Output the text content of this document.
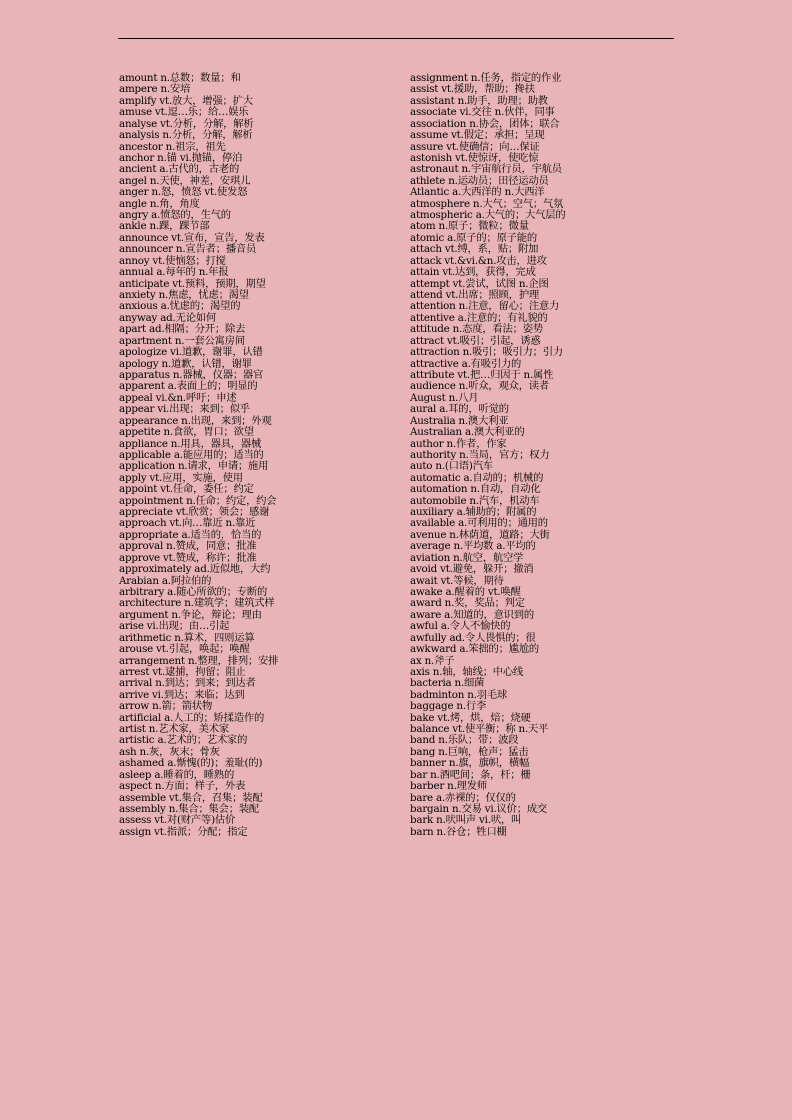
amount n.总数；数量；和
ampere n.安培
amplify vt.放大，增强；扩大
amuse vt.逗…乐；给…娱乐
analyse vt.分析，分解，解析
analysis n.分析，分解，解析
ancestor n.祖宗，祖先
anchor n.锚 vi.抛锚，停泊
ancient a.古代的，古老的
angel n.天使，神差，安琪儿
anger n.怒，愤怒 vt.使发怒
angle n.角，角度
angry a.愤怒的，生气的
ankle n.踝，踝节部
announce vt.宣布，宣告，发表
announcer n.宣告者；播音员
annoy vt.使恼怒；打搅
annual a.每年的 n.年报
anticipate vt.预料，预期，期望
anxiety n.焦虑，忧虑；渴望
anxious a.忧虑的；渴望的
anyway ad.无论如何
apart ad.相隔；分开；除去
apartment n.一套公寓房间
apologize vi.道歉，谢罪，认错
apology n.道歉，认错，谢罪
apparatus n.器械，仪器；器官
apparent a.表面上的；明显的
appeal vi.&n.呼吁；申述
appear vi.出现；来到；似乎
appearance n.出现，来到；外观
appetite n.食欲，胃口；欲望
appliance n.用具，器具，器械
applicable a.能应用的；适当的
application n.请求，申请；施用
apply vt.应用，实施，使用
appoint vt.任命，委任；约定
appointment n.任命；约定，约会
appreciate vt.欣赏；领会；感谢
approach vt.向…靠近 n.靠近
appropriate a.适当的，恰当的
approval n.赞成，同意；批准
approve vt.赞成，称许；批准
approximately ad.近似地，大约
Arabian a.阿拉伯的
arbitrary a.随心所欲的；专断的
architecture n.建筑学；建筑式样
argument n.争论，辩论；理由
arise vi.出现；由…引起
arithmetic n.算术，四则运算
arouse vt.引起，唤起；唤醒
arrangement n.整理，排列；安排
arrest vt.逮捕，拘留；阻止
arrival n.到达；到来；到达者
arrive vi.到达；来临；达到
arrow n.箭；箭状物
artificial a.人工的；矫揉造作的
artist n.艺术家，美术家
artistic a.艺术的；艺术家的
ash n.灰，灰末；骨灰
ashamed a.惭愧(的)；羞耻(的)
asleep a.睡着的，睡熟的
aspect n.方面；样子，外表
assemble vt.集合，召集；装配
assembly n.集合；集会；装配
assess vt.对(财产等)估价
assign vt.指派；分配；指定
assignment n.任务，指定的作业
assist vt.援助，帮助；搀扶
assistant n.助手，助理；助教
associate vi.交往 n.伙伴，同事
association n.协会，团体；联合
assume vt.假定；承担；呈现
assure vt.使确信；向…保证
astonish vt.使惊讶，使吃惊
astronaut n.宇宙航行员，宇航员
athlete n.运动员；田径运动员
Atlantic a.大西洋的 n.大西洋
atmosphere n.大气；空气；气氛
atmospheric a.大气的；大气层的
atom n.原子；微粒；微量
atomic a.原子的；原子能的
attach vt.缚，系，贴；附加
attack vt.&vi.&n.攻击，进攻
attain vt.达到，获得，完成
attempt vt.尝试，试图 n.企图
attend vt.出席；照顾，护理
attention n.注意，留心；注意力
attentive a.注意的；有礼貌的
attitude n.态度，看法；姿势
attract vt.吸引；引起，诱惑
attraction n.吸引；吸引力；引力
attractive a.有吸引力的
attribute vt.把…归因于 n.属性
audience n.听众，观众，读者
August n.八月
aural a.耳的，听觉的
Australia n.澳大利亚
Australian a.澳大利亚的
author n.作者，作家
authority n.当局，官方；权力
auto n.(口语)汽车
automatic a.自动的；机械的
automation n.自动，自动化
automobile n.汽车，机动车
auxiliary a.辅助的；附属的
available a.可利用的；通用的
avenue n.林荫道，道路；大街
average n.平均数 a.平均的
aviation n.航空，航空学
avoid vt.避免，躲开；撤消
await vt.等候，期待
awake a.醒着的 vt.唤醒
award n.奖，奖品；判定
aware a.知道的，意识到的
awful a.令人不愉快的
awfully ad.令人畏惧的；很
awkward a.笨拙的；尴尬的
ax n.斧子
axis n.轴，轴线；中心线
bacteria n.细菌
badminton n.羽毛球
baggage n.行李
bake vt.烤，烘，焙；烧硬
balance vt.使平衡；称 n.天平
band n.乐队；带；波段
bang n.巨响，枪声；猛击
banner n.旗，旗帜，横幅
bar n.酒吧间；条，杆；栅
barber n.理发师
bare a.赤裸的；仅仅的
bargain n.交易 vi.议价；成交
bark n.吠叫声 vi.吠，叫
barn n.谷仓；牲口棚
